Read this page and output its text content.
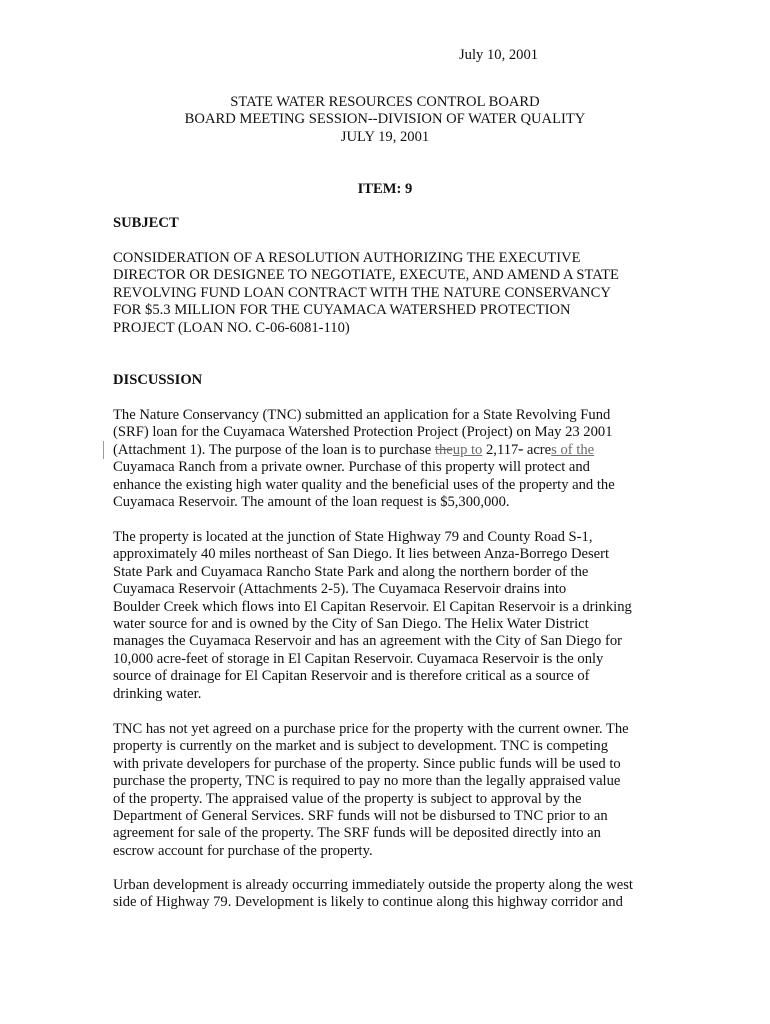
July 10, 2001
STATE WATER RESOURCES CONTROL BOARD
BOARD MEETING SESSION--DIVISION OF WATER QUALITY
JULY 19, 2001
ITEM: 9
SUBJECT
CONSIDERATION OF A RESOLUTION AUTHORIZING THE EXECUTIVE
DIRECTOR OR DESIGNEE TO NEGOTIATE, EXECUTE, AND AMEND A STATE
REVOLVING FUND LOAN CONTRACT WITH THE NATURE CONSERVANCY
FOR $5.3 MILLION FOR THE CUYAMACA WATERSHED PROTECTION
PROJECT (LOAN NO. C-06-6081-110)
DISCUSSION
The Nature Conservancy (TNC) submitted an application for a State Revolving Fund
(SRF) loan for the Cuyamaca Watershed Protection Project (Project) on May 23 2001
(Attachment 1). The purpose of the loan is to purchase theup to 2,117- acres of the
Cuyamaca Ranch from a private owner. Purchase of this property will protect and
enhance the existing high water quality and the beneficial uses of the property and the
Cuyamaca Reservoir. The amount of the loan request is $5,300,000.
The property is located at the junction of State Highway 79 and County Road S-1,
approximately 40 miles northeast of San Diego. It lies between Anza-Borrego Desert
State Park and Cuyamaca Rancho State Park and along the northern border of the
Cuyamaca Reservoir (Attachments 2-5). The Cuyamaca Reservoir drains into
Boulder Creek which flows into El Capitan Reservoir. El Capitan Reservoir is a drinking
water source for and is owned by the City of San Diego. The Helix Water District
manages the Cuyamaca Reservoir and has an agreement with the City of San Diego for
10,000 acre-feet of storage in El Capitan Reservoir. Cuyamaca Reservoir is the only
source of drainage for El Capitan Reservoir and is therefore critical as a source of
drinking water.
TNC has not yet agreed on a purchase price for the property with the current owner. The
property is currently on the market and is subject to development. TNC is competing
with private developers for purchase of the property. Since public funds will be used to
purchase the property, TNC is required to pay no more than the legally appraised value
of the property. The appraised value of the property is subject to approval by the
Department of General Services. SRF funds will not be disbursed to TNC prior to an
agreement for sale of the property. The SRF funds will be deposited directly into an
escrow account for purchase of the property.
Urban development is already occurring immediately outside the property along the west
side of Highway 79. Development is likely to continue along this highway corridor and
